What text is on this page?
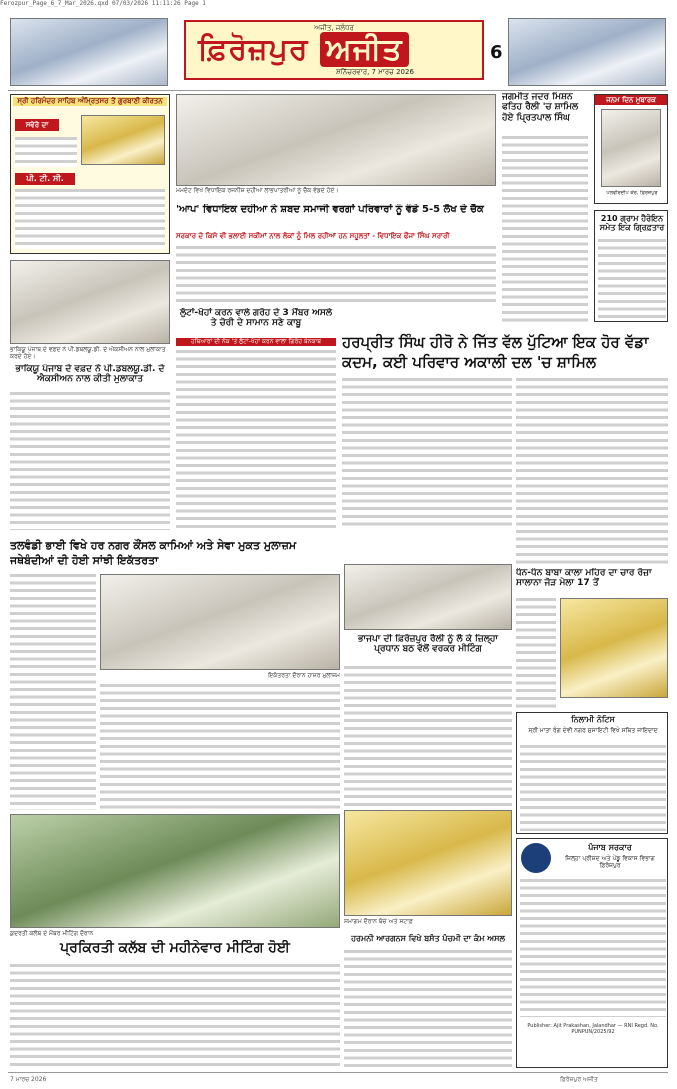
Ferozpur_Page_6_7_Mar_2026.qxd 07/03/2026 11:11:26 Page 1
ਅਜੀਤ, ਜਲੰਧਰ
ਫ਼ਿਰੋਜ਼ਪੁਰ ਅਜੀਤ
ਸ਼ਨਿੱਚਰਵਾਰ, 7 ਮਾਰਚ 2026
6
ਸ੍ਰੀ ਹਰਿਮੰਦਰ ਸਾਹਿਬ ਅੰਮ੍ਰਿਤਸਰ ਤੋਂ ਗੁਰਬਾਣੀ ਕੀਰਤਨ
ਸਵੇਰੇ ਦਾ
ਪੀ. ਟੀ. ਸੀ.
ਮਮਦੋਟ ਵਿਖੇ ਵਿਧਾਇਕ ਰਜਨੀਸ਼ ਦਹੀਆ ਲਾਭਪਾਤਰੀਆਂ ਨੂੰ ਚੈੱਕ ਵੰਡਦੇ ਹੋਏ।
ਜਗਮੀਤ ਜਦਰ ਮਿਸ਼ਨ ਫਤਿਹ ਰੈਲੀ 'ਚ ਸ਼ਾਮਿਲ ਹੋਏ ਪ੍ਰਿਤਪਾਲ ਸਿੰਘ
ਜਨਮ ਦਿਨ ਮੁਬਾਰਕ
ਪਲਵੀਰਦੀਪ ਕੌਰ, ਫ਼ਿਰੋਜ਼ਪੁਰ
210 ਗ੍ਰਾਮ ਹੈਰੋਇਨ ਸਮੇਤ ਇਕ ਗ੍ਰਿਫ਼ਤਾਰ
'ਆਪ' ਵਿਧਾਇਕ ਦਹੀਆ ਨੇ ਸ਼ਬਦ ਸਮਾਜੀ ਵਰਗਾਂ ਪਰਿਵਾਰਾਂ ਨੂੰ ਵੰਡੇ 5-5 ਲੱਖ ਦੇ ਚੈੱਕ
ਸਰਕਾਰ ਦੇ ਕਿਸੇ ਵੀ ਭਲਾਈ ਸਕੀਮਾਂ ਨਾਲ ਲੋਕਾਂ ਨੂੰ ਮਿਲ ਰਹੀਆਂ ਹਨ ਸਹੂਲਤਾਂ - ਵਿਧਾਇਕ ਫੌਜਾ ਸਿੰਘ ਸਰਾਰੀ
ਭਾਕਿਯੂ ਪੰਜਾਬ ਦੇ ਵਫ਼ਦ ਨੇ ਪੀ.ਡਬਲਯੂ.ਡੀ. ਦੇ ਐਕਸੀਅਨ ਨਾਲ ਮੁਲਾਕਾਤ ਕਰਦੇ ਹੋਏ।
ਭਾਕਿਯੂ ਪੰਜਾਬ ਦੇ ਵਫ਼ਦ ਨੇ ਪੀ.ਡਬਲਯੂ.ਡੀ. ਦੇ ਐਕਸੀਅਨ ਨਾਲ ਕੀਤੀ ਮੁਲਾਕਾਤ
ਲੁੱਟਾਂ-ਖੋਹਾਂ ਕਰਨ ਵਾਲੇ ਗਰੋਹ ਦੇ 3 ਮੈਂਬਰ ਅਸਲੇ ਤੇ ਚੋਰੀ ਦੇ ਸਾਮਾਨ ਸਣੇ ਕਾਬੂ
ਹਥਿਆਰਾਂ ਦੀ ਨੋਕ 'ਤੇ ਲੁੱਟਾਂ-ਖੋਹਾਂ ਕਰਨ ਵਾਲਾ ਗਿਰੋਹ ਬੇਨਕਾਬ	ਹਰਪ੍ਰੀਤ ਸਿੰਘ ਹੀਰੋ ਨੇ ਜਿੱਤ ਵੱਲ ਪੁੱਟਿਆ ਇਕ ਹੋਰ ਵੱਡਾ ਕਦਮ, ਕਈ ਪਰਿਵਾਰ ਅਕਾਲੀ ਦਲ 'ਚ ਸ਼ਾਮਿਲ
ਤਲਵੰਡੀ ਭਾਈ ਵਿਖੇ ਹਰ ਨਗਰ ਕੌਂਸਲ ਕਾਮਿਆਂ ਅਤੇ ਸੇਵਾ ਮੁਕਤ ਮੁਲਾਜ਼ਮ ਜਥੇਬੰਦੀਆਂ ਦੀ ਹੋਈ ਸਾਂਝੀ ਇਕੱਤਰਤਾ
ਇਕੱਤਰਤਾ ਦੌਰਾਨ ਹਾਜ਼ਰ ਮੁਲਾਜ਼ਮ
ਧੰਨ-ਧੰਨ ਬਾਬਾ ਕਾਲਾ ਮਹਿਰ ਦਾ ਚਾਰ ਰੋਜ਼ਾ ਸਾਲਾਨਾ ਜੋੜ ਮੇਲਾ 17 ਤੋਂ
ਭਾਜਪਾ ਦੀ ਫ਼ਿਰੋਜ਼ਪੁਰ ਰੈਲੀ ਨੂੰ ਲੈ ਕੇ ਜ਼ਿਲ੍ਹਾ ਪ੍ਰਧਾਨ ਬਠ ਵੱਲੋਂ ਵਰਕਰ ਮੀਟਿੰਗ
ਨਿਲਾਮੀ ਨੋਟਿਸ
ਸ੍ਰੀ ਮਾਤਾ ਰੰਗ ਦੇਵੀ ਨਗਰ ਸੁਸਾਇਟੀ ਵਿਖੇ ਸਥਿਤ ਜਾਇਦਾਦ
ਕੁਦਰਤੀ ਕਲੱਬ ਦੇ ਮੈਂਬਰ ਮੀਟਿੰਗ ਦੌਰਾਨ
ਪ੍ਰਕਿਰਤੀ ਕਲੱਬ ਦੀ ਮਹੀਨੇਵਾਰ ਮੀਟਿੰਗ ਹੋਈ
ਸਮਾਗਮ ਦੌਰਾਨ ਬੱਚੇ ਅਤੇ ਸਟਾਫ਼
ਹਰਮਨੀ ਆਰਗਨਸ ਵਿਖੇ ਬਸੰਤ ਪੰਚਮੀ ਦਾ ਕੰਮ ਅਸਲ
ਪੰਜਾਬ ਸਰਕਾਰ
ਜ਼ਿਲ੍ਹਾ ਪ੍ਰੀਸ਼ਦ ਅਤੇ ਪੇਂਡੂ ਵਿਕਾਸ ਵਿਭਾਗ ਫ਼ਿਰੋਜ਼ਪੁਰ
Publisher: Ajit Prakashan, Jalandhar — RNI Regd. No. PUNPUN/2025/92
7 ਮਾਰਚ 2026	ਫ਼ਿਰੋਜ਼ਪੁਰ ਅਜੀਤ
